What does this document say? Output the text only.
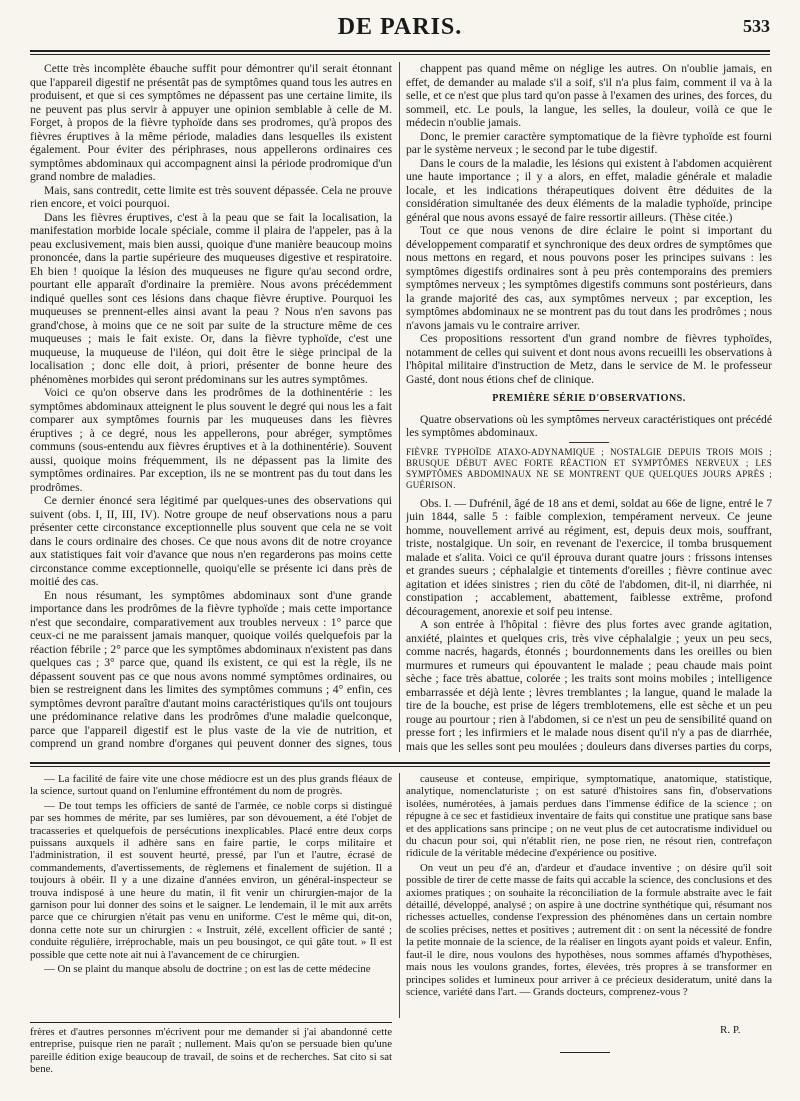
DE PARIS.	533

Cette très incomplète ébauche suffit pour démontrer qu'il serait étonnant que l'appareil digestif ne présentât pas de symptômes quand tous les autres en produisent, et que si ces symptômes ne dépassent pas une certaine limite, ils ne peuvent pas plus servir à appuyer une opinion semblable à celle de M. Forget, à propos de la fièvre typhoïde dans ses prodromes, qu'à propos des fièvres éruptives à la même période, maladies dans lesquelles ils existent également. Pour éviter des périphrases, nous appellerons ordinaires ces symptômes abdominaux qui accompagnent ainsi la période prodromique d'un grand nombre de maladies.

Mais, sans contredit, cette limite est très souvent dépassée. Cela ne prouve rien encore, et voici pourquoi.

Dans les fièvres éruptives, c'est à la peau que se fait la localisation, la manifestation morbide locale spéciale, comme il plaira de l'appeler, pas à la peau exclusivement, mais bien aussi, quoique d'une manière beaucoup moins prononcée, dans la partie supérieure des muqueuses digestive et respiratoire. Eh bien ! quoique la lésion des muqueuses ne figure qu'au second ordre, pourtant elle apparaît d'ordinaire la première. Nous avons précédemment indiqué quelles sont ces lésions dans chaque fièvre éruptive. Pourquoi les muqueuses se prennent-elles ainsi avant la peau ? Nous n'en savons pas grand'chose, à moins que ce ne soit par suite de la structure même de ces muqueuses ; mais le fait existe. Or, dans la fièvre typhoïde, c'est une muqueuse, la muqueuse de l'iléon, qui doit être le siège principal de la localisation ; donc elle doit, à priori, présenter de bonne heure des phénomènes morbides qui seront prédominans sur les autres symptômes.

Voici ce qu'on observe dans les prodrômes de la dothinentérie : les symptômes abdominaux atteignent le plus souvent le degré qui nous les a fait comparer aux symptômes fournis par les muqueuses dans les fièvres éruptives ; à ce degré, nous les appellerons, pour abréger, symptômes communs (sous-entendu aux fièvres éruptives et à la dothinentérie). Souvent aussi, quoique moins fréquemment, ils ne dépassent pas la limite des symptômes ordinaires. Par exception, ils ne se montrent pas du tout dans les prodrômes.

Ce dernier énoncé sera légitimé par quelques-unes des observations qui suivent (obs. I, II, III, IV). Notre groupe de neuf observations nous a paru présenter cette circonstance exceptionnelle plus souvent que cela ne se voit dans le cours ordinaire des choses. Ce que nous avons dit de notre croyance aux statistiques fait voir d'avance que nous n'en regarderons pas moins cette circonstance comme exceptionnelle, quoiqu'elle se présente ici dans près de moitié des cas.

En nous résumant, les symptômes abdominaux sont d'une grande importance dans les prodrômes de la fièvre typhoïde ; mais cette importance n'est que secondaire, comparativement aux troubles nerveux : 1° parce que ceux-ci ne me paraissent jamais manquer, quoique voilés quelquefois par la réaction fébrile ; 2° parce que les symptômes abdominaux n'existent pas dans quelques cas ; 3° parce que, quand ils existent, ce qui est la règle, ils ne dépassent souvent pas ce que nous avons nommé symptômes ordinaires, ou bien se restreignent dans les limites des symptômes communs ; 4° enfin, ces symptômes devront paraître d'autant moins caractéristiques qu'ils ont toujours une prédominance relative dans les prodrômes d'une maladie quelconque, parce que l'appareil digestif est le plus vaste de la vie de nutrition, et comprend un grand nombre d'organes qui peuvent donner des signes, tous

chappent pas quand même on néglige les autres. On n'oublie jamais, en effet, de demander au malade s'il a soif, s'il n'a plus faim, comment il va à la selle, et ce n'est que plus tard qu'on passe à l'examen des urines, des forces, du sommeil, etc. Le pouls, la langue, les selles, la douleur, voilà ce que le médecin n'oublie jamais.

Donc, le premier caractère symptomatique de la fièvre typhoïde est fourni par le système nerveux ; le second par le tube digestif.

Dans le cours de la maladie, les lésions qui existent à l'abdomen acquièrent une haute importance ; il y a alors, en effet, maladie générale et maladie locale, et les indications thérapeutiques doivent être déduites de la considération simultanée des deux éléments de la maladie typhoïde, principe général que nous avons essayé de faire ressortir ailleurs. (Thèse citée.)

Tout ce que nous venons de dire éclaire le point si important du développement comparatif et synchronique des deux ordres de symptômes que nous mettons en regard, et nous pouvons poser les principes suivans : les symptômes digestifs ordinaires sont à peu près contemporains des premiers symptômes nerveux ; les symptômes digestifs communs sont postérieurs, dans la grande majorité des cas, aux symptômes nerveux ; par exception, les symptômes abdominaux ne se montrent pas du tout dans les prodrômes ; nous n'avons jamais vu le contraire arriver.

Ces propositions ressortent d'un grand nombre de fièvres typhoïdes, notamment de celles qui suivent et dont nous avons recueilli les observations à l'hôpital militaire d'instruction de Metz, dans le service de M. le professeur Gasté, dont nous étions chef de clinique.

PREMIÈRE SÉRIE D'OBSERVATIONS.

Quatre observations où les symptômes nerveux caractéristiques ont précédé les symptômes abdominaux.

FIÈVRE TYPHOÏDE ATAXO-ADYNAMIQUE ; NOSTALGIE DEPUIS TROIS MOIS ; BRUSQUE DÉBUT AVEC FORTE RÉACTION ET SYMPTÔMES NERVEUX ; LES SYMPTÔMES ABDOMINAUX NE SE MONTRENT QUE QUELQUES JOURS APRÈS ; GUÉRISON.

Obs. I. — Dufrénil, âgé de 18 ans et demi, soldat au 66e de ligne, entré le 7 juin 1844, salle 5 : faible complexion, tempérament nerveux. Ce jeune homme, nouvellement arrivé au régiment, est, depuis deux mois, souffrant, triste, nostalgique. Un soir, en revenant de l'exercice, il tomba brusquement malade et s'alita. Voici ce qu'il éprouva durant quatre jours : frissons intenses et grandes sueurs ; céphalalgie et tintements d'oreilles ; fièvre continue avec agitation et idées sinistres ; rien du côté de l'abdomen, dit-il, ni diarrhée, ni constipation ; accablement, abattement, faiblesse extrême, profond découragement, anorexie et soif peu intense.

A son entrée à l'hôpital : fièvre des plus fortes avec grande agitation, anxiété, plaintes et quelques cris, très vive céphalalgie ; yeux un peu secs, comme nacrés, hagards, étonnés ; bourdonnements dans les oreilles ou bien murmures et rumeurs qui épouvantent le malade ; peau chaude mais point sèche ; face très abattue, colorée ; les traits sont moins mobiles ; intelligence embarrassée et déjà lente ; lèvres tremblantes ; la langue, quand le malade la tire de la bouche, est prise de légers tremblotemens, elle est sèche et un peu rouge au pourtour ; rien à l'abdomen, si ce n'est un peu de sensibilité quand on presse fort ; les infirmiers et le malade nous disent qu'il n'y a pas de diarrhée, mais que les selles sont peu moulées ; douleurs dans diverses parties du corps,

— La facilité de faire vite une chose médiocre est un des plus grands fléaux de la science, surtout quand on l'enlumine effrontément du nom de progrès.

— De tout temps les officiers de santé de l'armée, ce noble corps si distingué par ses hommes de mérite, par ses lumières, par son dévouement, a été l'objet de tracasseries et quelquefois de persécutions inexplicables. Placé entre deux corps puissans auxquels il adhère sans en faire partie, le corps militaire et l'administration, il est souvent heurté, pressé, par l'un et l'autre, écrasé de commandements, d'avertissements, de règlemens et finalement de sujétion. Il a toujours à obéir. Il y a une dizaine d'années environ, un général-inspecteur se trouva indisposé à une heure du matin, il fit venir un chirurgien-major de la garnison pour lui donner des soins et le saigner. Le lendemain, il le mit aux arrêts parce que ce chirurgien n'était pas venu en uniforme. C'est le même qui, dit-on, donna cette note sur un chirurgien : « Instruit, zélé, excellent officier de santé ; conduite régulière, irréprochable, mais un peu bousingot, ce qui gâte tout. » Il est possible que cette note ait nui à l'avancement de ce chirurgien.

— On se plaint du manque absolu de doctrine ; on est las de cette médecine

causeuse et conteuse, empirique, symptomatique, anatomique, statistique, analytique, nomenclaturiste ; on est saturé d'histoires sans fin, d'observations isolées, numérotées, à jamais perdues dans l'immense édifice de la science ; on répugne à ce sec et fastidieux inventaire de faits qui constitue une pratique sans base et des applications sans principe ; on ne veut plus de cet autocratisme individuel ou du chacun pour soi, qui n'établit rien, ne pose rien, ne résout rien, contrefaçon ridicule de la véritable médecine d'expérience ou positive.

On veut un peu d'é an, d'ardeur et d'audace inventive ; on désire qu'il soit possible de tirer de cette masse de faits qui accable la science, des conclusions et des axiomes pratiques ; on souhaite la réconciliation de la formule abstraite avec le fait détaillé, développé, analysé ; on aspire à une doctrine synthétique qui, résumant nos richesses actuelles, condense l'expression des phénomènes dans un certain nombre de scolies précises, nettes et positives ; autrement dit : on sent la nécessité de fondre la petite monnaie de la science, de la réaliser en lingots ayant poids et valeur. Enfin, faut-il le dire, nous voulons des hypothèses, nous sommes affamés d'hypothèses, mais nous les voulons grandes, fortes, élevées, très propres à se transformer en principes solides et lumineux pour arriver à ce précieux desideratum, unité dans la science, variété dans l'art. — Grands docteurs, comprenez-vous ?

frères et d'autres personnes m'écrivent pour me demander si j'ai abandonné cette entreprise, puisque rien ne paraît ; nullement. Mais qu'on se persuade bien qu'une pareille édition exige beaucoup de travail, de soins et de recherches. Sat cito si sat bene.

R. P.
